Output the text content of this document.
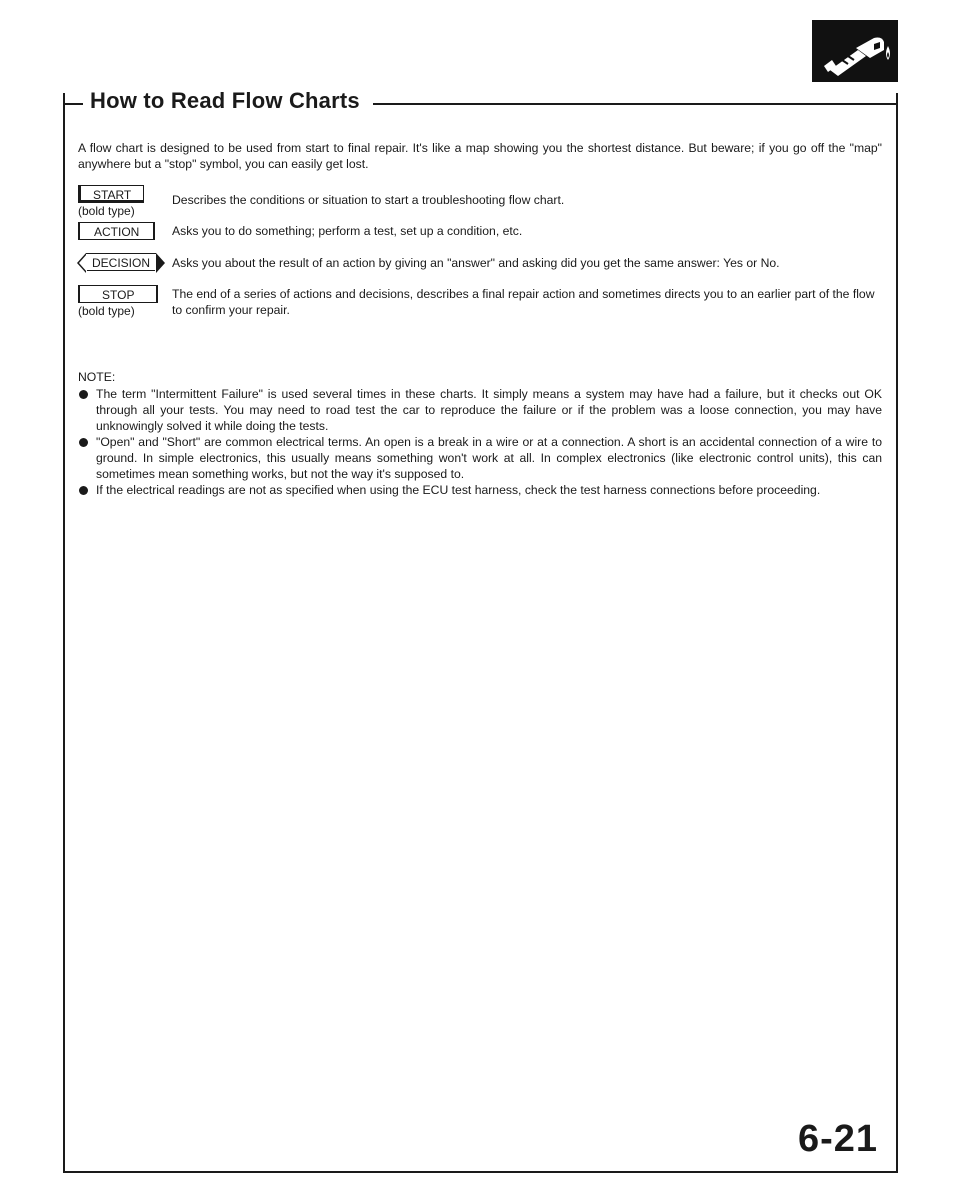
How to Read Flow Charts

A flow chart is designed to be used from start to final repair. It's like a map showing you the shortest distance. But beware; if you go off the "map" anywhere but a "stop" symbol, you can easily get lost.

START
(bold type)
Describes the conditions or situation to start a troubleshooting flow chart.
ACTION	Asks you to do something; perform a test, set up a condition, etc.
DECISION	Asks you about the result of an action by giving an "answer" and asking did you get the same answer: Yes or No.
STOP
(bold type)
The end of a series of actions and decisions, describes a final repair action and sometimes directs you to an earlier part of the flow to confirm your repair.
NOTE:
The term "Intermittent Failure" is used several times in these charts. It simply means a system may have had a failure, but it checks out OK through all your tests. You may need to road test the car to reproduce the failure or if the problem was a loose connection, you may have unknowingly solved it while doing the tests.
"Open" and "Short" are common electrical terms. An open is a break in a wire or at a connection. A short is an accidental connection of a wire to ground. In simple electronics, this usually means something won't work at all. In complex electronics (like electronic control units), this can sometimes mean something works, but not the way it's supposed to.
If the electrical readings are not as specified when using the ECU test harness, check the test harness connections before proceeding.
6-21
